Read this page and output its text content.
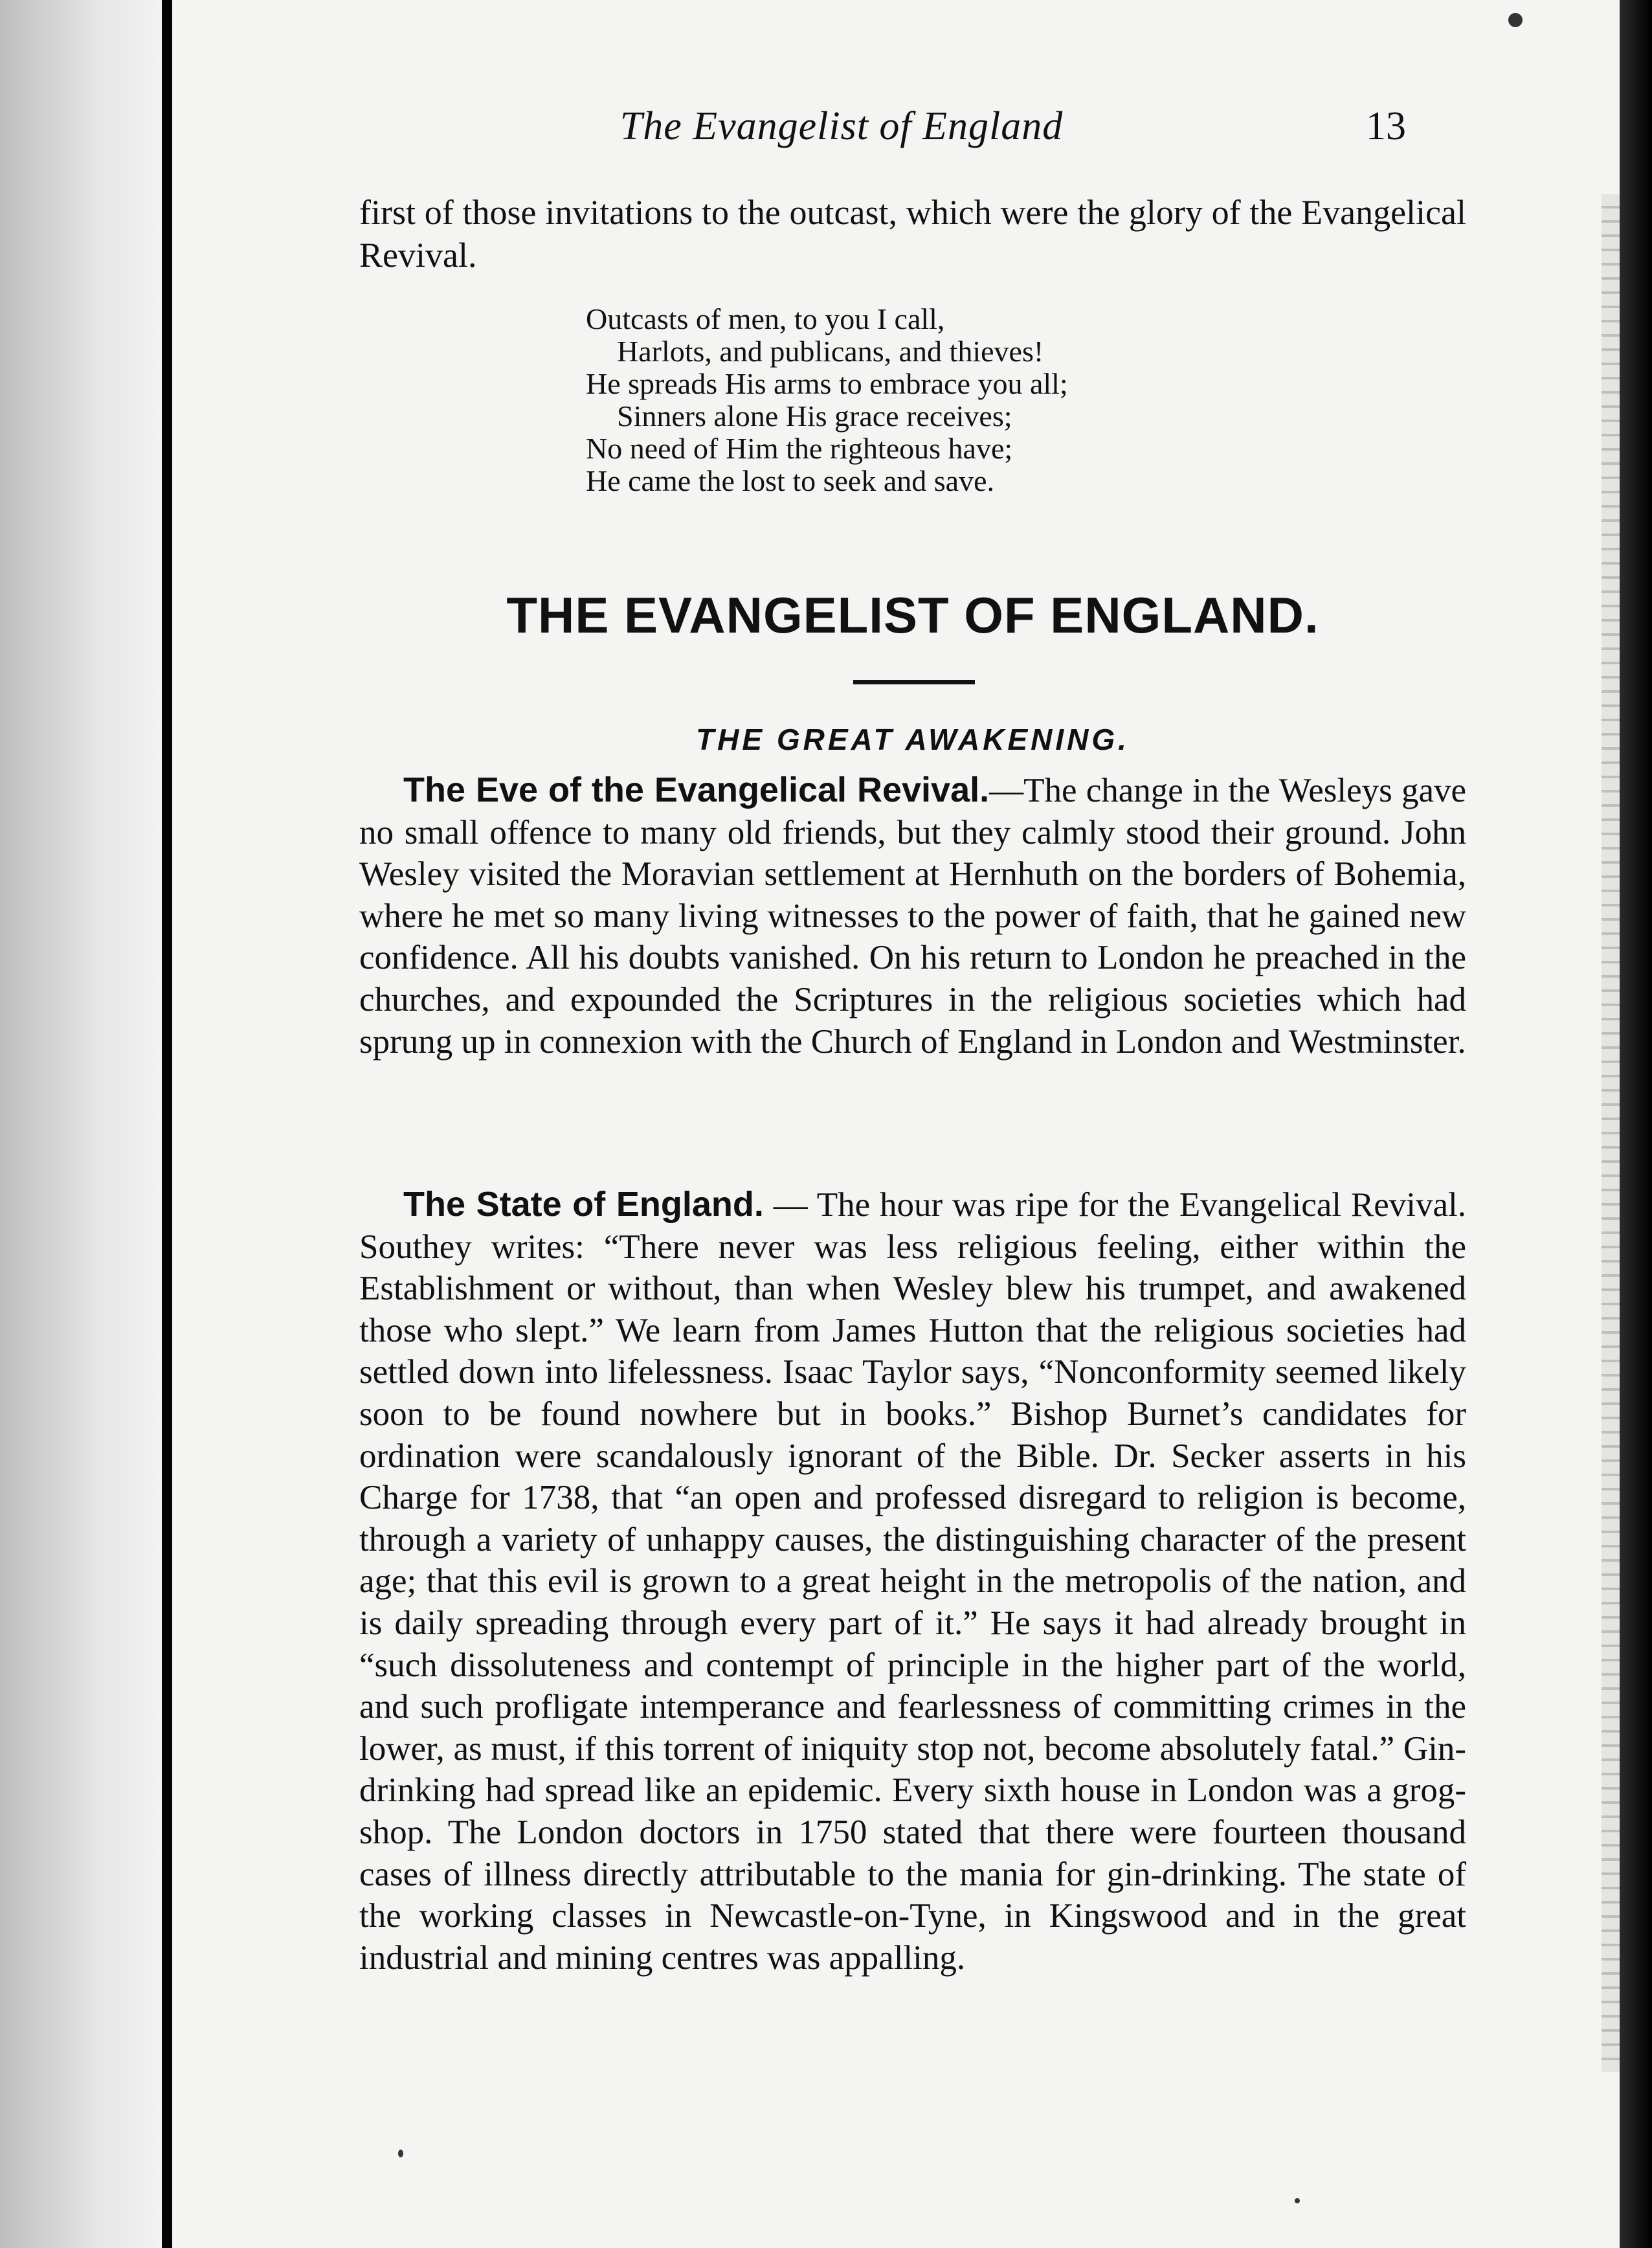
The Evangelist of England	13
first of those invitations to the outcast, which were the glory of the Evangelical Revival.
Outcasts of men, to you I call,
Harlots, and publicans, and thieves!
He spreads His arms to embrace you all;
Sinners alone His grace receives;
No need of Him the righteous have;
He came the lost to seek and save.
THE EVANGELIST OF ENGLAND.
THE GREAT AWAKENING.
The Eve of the Evangelical Revival.—The change in the Wesleys gave no small offence to many old friends, but they calmly stood their ground. John Wesley visited the Moravian settlement at Hernhuth on the borders of Bohemia, where he met so many living witnesses to the power of faith, that he gained new confidence. All his doubts vanished. On his return to London he preached in the churches, and expounded the Scriptures in the religious societies which had sprung up in connexion with the Church of England in London and Westminster.
The State of England. — The hour was ripe for the Evangelical Revival. Southey writes: “There never was less religious feeling, either within the Establishment or without, than when Wesley blew his trumpet, and awakened those who slept.” We learn from James Hutton that the religious societies had settled down into lifelessness. Isaac Taylor says, “Nonconformity seemed likely soon to be found nowhere but in books.” Bishop Burnet’s candidates for ordination were scandalously ignorant of the Bible. Dr. Secker asserts in his Charge for 1738, that “an open and professed disregard to religion is become, through a variety of unhappy causes, the distinguishing character of the present age; that this evil is grown to a great height in the metropolis of the nation, and is daily spreading through every part of it.” He says it had already brought in “such dissoluteness and contempt of principle in the higher part of the world, and such profligate intemperance and fearlessness of committing crimes in the lower, as must, if this torrent of iniquity stop not, become absolutely fatal.” Gin-drinking had spread like an epidemic. Every sixth house in London was a grog-shop. The London doctors in 1750 stated that there were fourteen thousand cases of illness directly attributable to the mania for gin-drinking. The state of the working classes in Newcastle-on-Tyne, in Kingswood and in the great industrial and mining centres was appalling.
